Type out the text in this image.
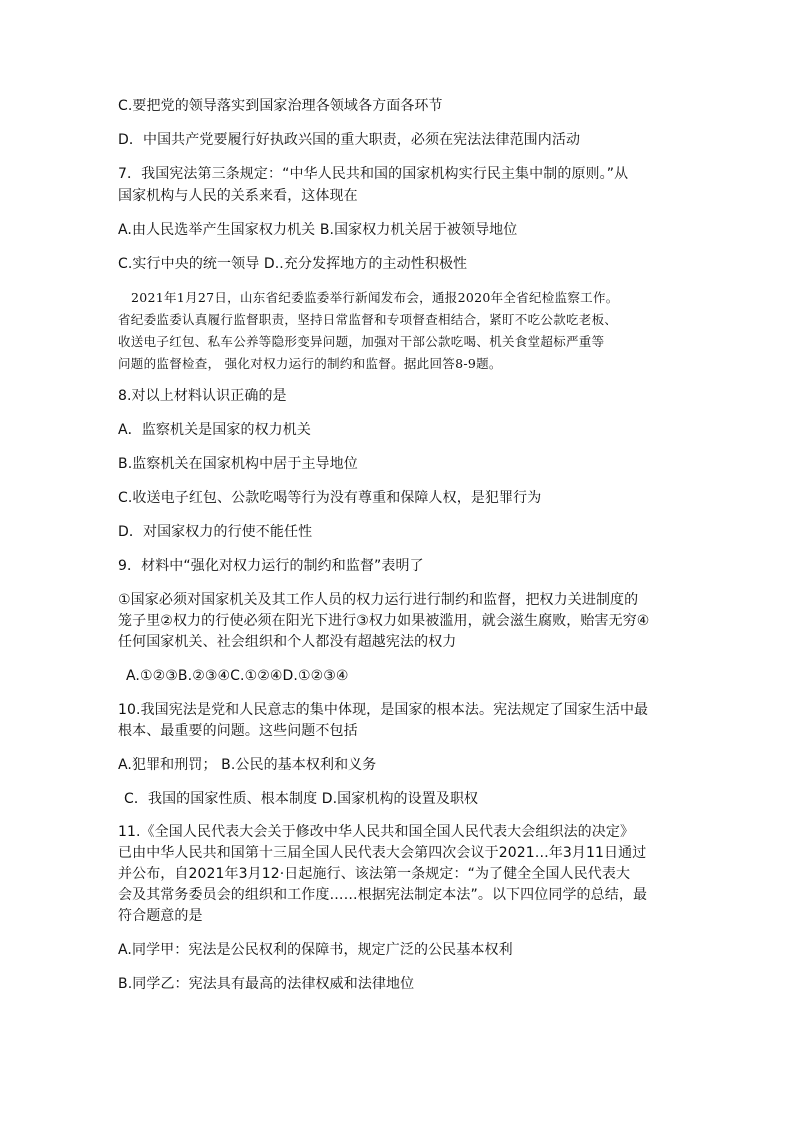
C.要把党的领导落实到国家治理各领域各方面各环节
D．中国共产党要履行好执政兴国的重大职责，必须在宪法法律范围内活动
7．我国宪法第三条规定：“中华人民共和国的国家机构实行民主集中制的原则。”从
国家机构与人民的关系来看，这体现在
A.由人民选举产生国家权力机关 B.国家权力机关居于被领导地位
C.实行中央的统一领导 D..充分发挥地方的主动性积极性
2021年1月27日，山东省纪委监委举行新闻发布会，通报2020年全省纪检监察工作。
省纪委监委认真履行监督职责，坚持日常监督和专项督查相结合，紧盯不吃公款吃老板、
收送电子红包、私车公养等隐形变异问题，加强对干部公款吃喝、机关食堂超标严重等
问题的监督检查， 强化对权力运行的制约和监督。据此回答8-9题。
8.对以上材料认识正确的是
A．监察机关是国家的权力机关
B.监察机关在国家机构中居于主导地位
C.收送电子红包、公款吃喝等行为没有尊重和保障人权，是犯罪行为
D．对国家权力的行使不能任性
9．材料中“强化对权力运行的制约和监督”表明了
①国家必须对国家机关及其工作人员的权力运行进行制约和监督，把权力关进制度的
笼子里②权力的行使必须在阳光下进行③权力如果被滥用，就会滋生腐败，贻害无穷④
任何国家机关、社会组织和个人都没有超越宪法的权力
A.①②③B.②③④C.①②④D.①②③④
10.我国宪法是党和人民意志的集中体现，是国家的根本法。宪法规定了国家生活中最
根本、最重要的问题。这些问题不包括
A.犯罪和刑罚； B.公民的基本权利和义务
C．我国的国家性质、根本制度 D.国家机构的设置及职权
11.《全国人民代表大会关于修改中华人民共和国全国人民代表大会组织法的决定》
已由中华人民共和国第十三届全国人民代表大会第四次会议于2021…年3月11日通过
并公布，自2021年3月12·日起施行、该法第一条规定：“为了健全全国人民代表大
会及其常务委员会的组织和工作度……根据宪法制定本法”。以下四位同学的总结，最
符合题意的是
A.同学甲：宪法是公民权利的保障书，规定广泛的公民基本权利
B.同学乙：宪法具有最高的法律权威和法律地位
